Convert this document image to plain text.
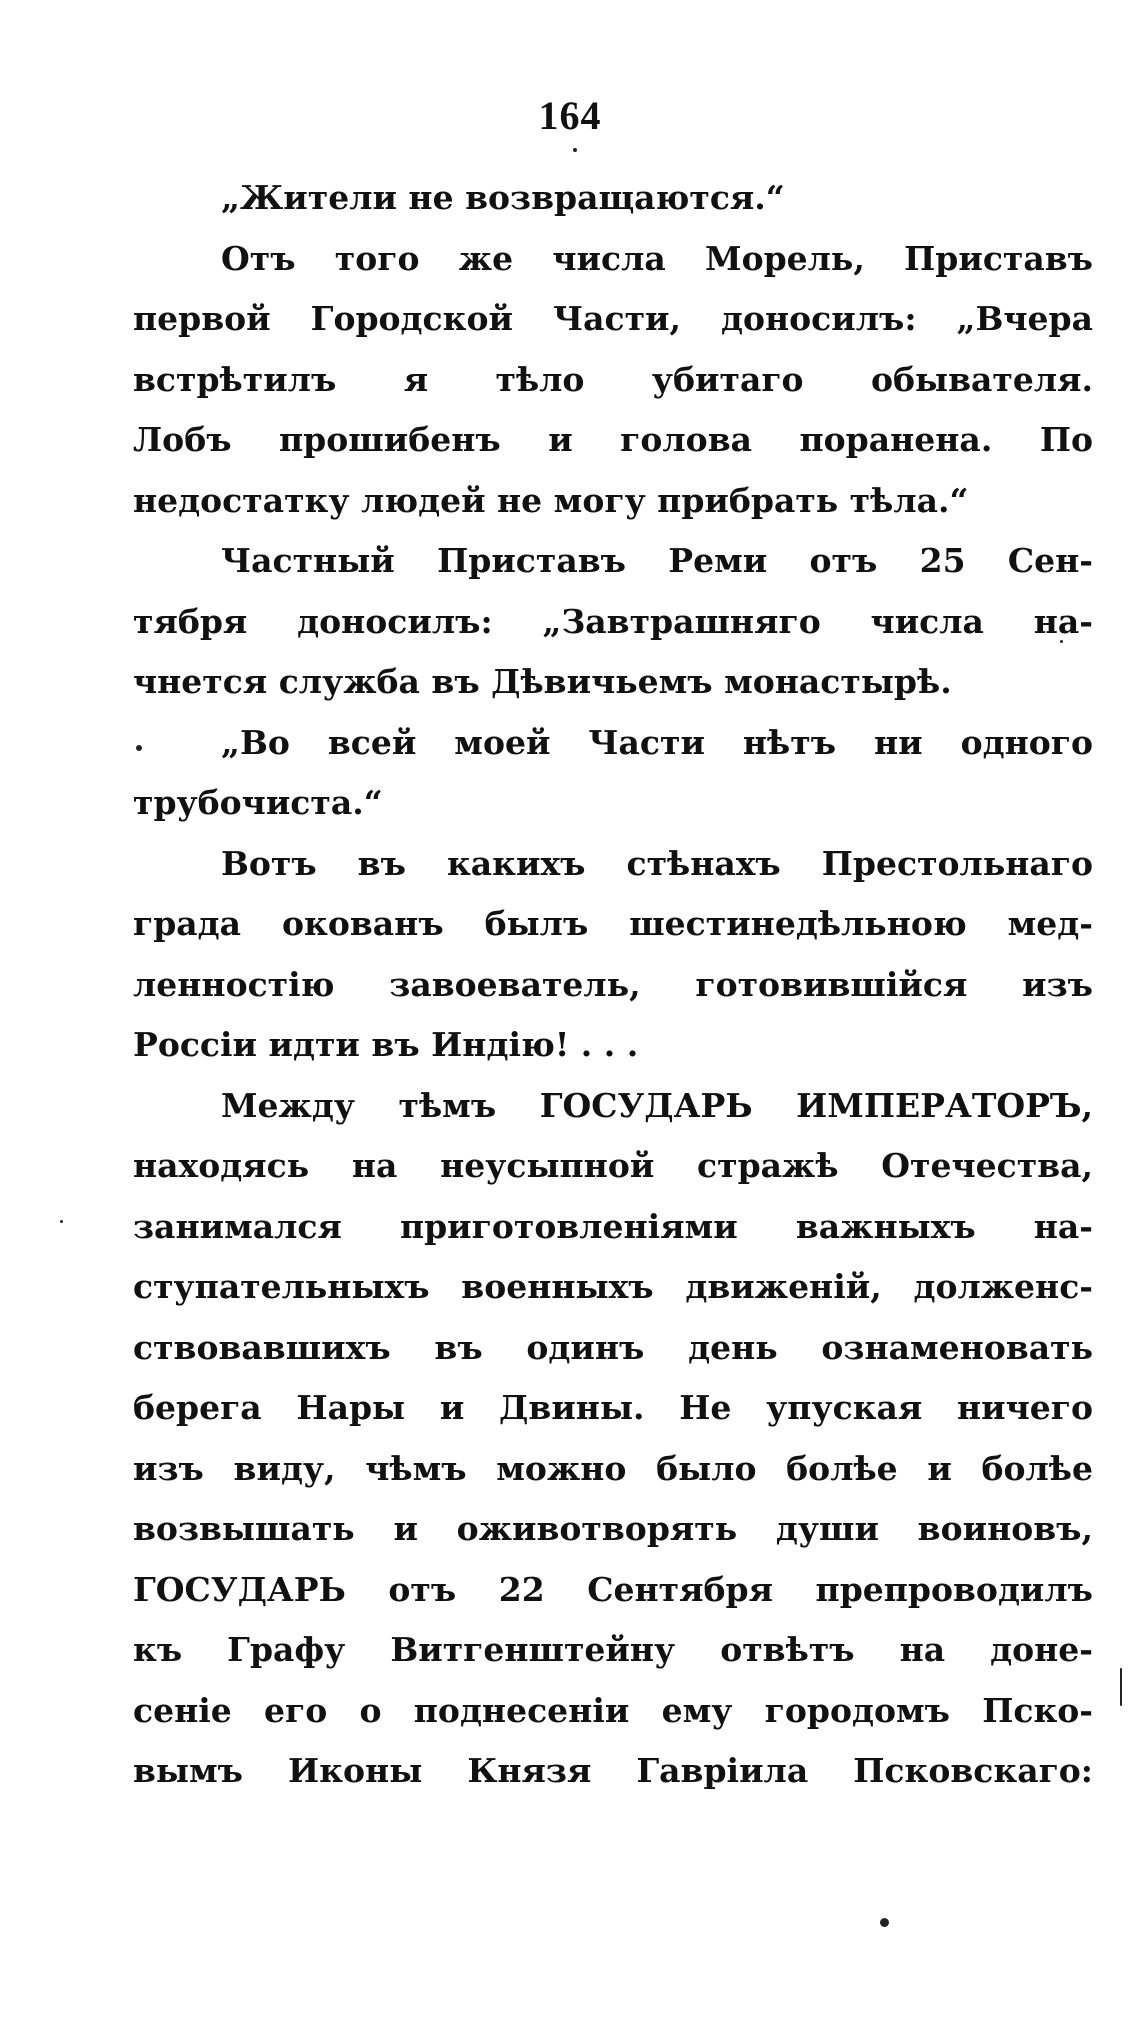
164
„Жители не возвращаются.“
Отъ того же числа Морель, Приставъ
первой Городской Части, доносилъ: „Вчера
встрѣтилъ я тѣло убитаго обывателя.
Лобъ прошибенъ и голова поранена. По
недостатку людей не могу прибрать тѣла.“
Частный Приставъ Реми отъ 25 Сен-
тября доносилъ: „Завтрашняго числа на-
чнется служба въ Дѣвичьемъ монастырѣ.
„Во всей моей Части нѣтъ ни одного
трубочиста.“
Вотъ въ какихъ стѣнахъ Престольнаго
града окованъ былъ шестинедѣльною мед-
ленностію завоеватель, готовившійся изъ
Россіи идти въ Индію! . . .
Между тѣмъ ГОСУДАРЬ ИМПЕРАТОРЪ,
находясь на неусыпной стражѣ Отечества,
занимался приготовленіями важныхъ на-
ступательныхъ военныхъ движеній, долженс-
ствовавшихъ въ одинъ день ознаменовать
берега Нары и Двины. Не упуская ничего
изъ виду, чѣмъ можно было болѣе и болѣе
возвышать и оживотворять души воиновъ,
ГОСУДАРЬ отъ 22 Сентября препроводилъ
къ Графу Витгенштейну отвѣтъ на доне-
сеніе его о поднесеніи ему городомъ Пско-
вымъ Иконы Князя Гавріила Псковскаго:
